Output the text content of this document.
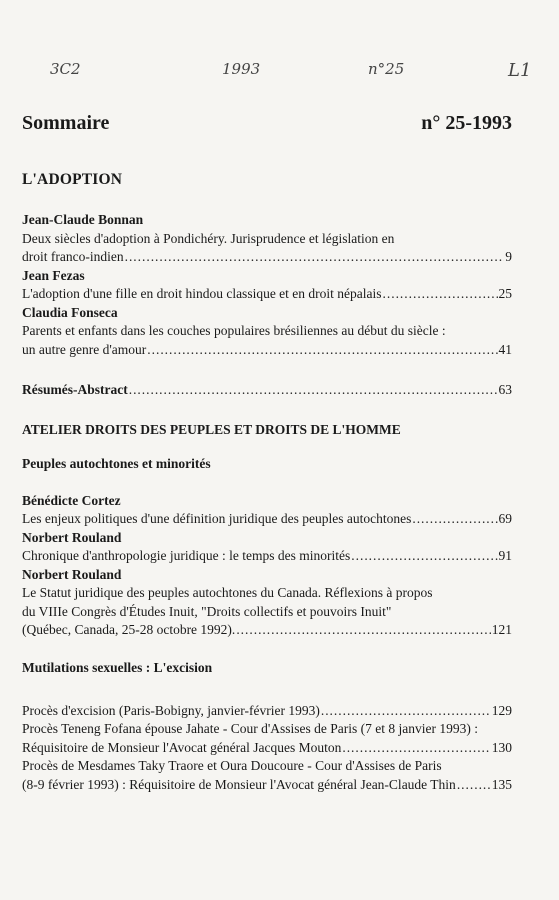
3C2	1993	n°25	L1
Sommaire	n° 25-1993
L'ADOPTION
Jean-Claude Bonnan
Deux siècles d'adoption à Pondichéry. Jurisprudence et législation en
droit franco-indien . . .	9
Jean Fezas
L'adoption d'une fille en droit hindou classique et en droit népalais . . .	25
Claudia Fonseca
Parents et enfants dans les couches populaires brésiliennes au début du siècle :
un autre genre d'amour . . .	41
Résumés-Abstract . . .	63
ATELIER DROITS DES PEUPLES ET DROITS DE L'HOMME
Peuples autochtones et minorités
Bénédicte Cortez
Les enjeux politiques d'une définition juridique des peuples autochtones . . .	69
Norbert Rouland
Chronique d'anthropologie juridique : le temps des minorités . . .	91
Norbert Rouland
Le Statut juridique des peuples autochtones du Canada. Réflexions à propos
du VIIIe Congrès d'Études Inuit, "Droits collectifs et pouvoirs Inuit"
(Québec, Canada, 25-28 octobre 1992). . . .	121
Mutilations sexuelles : L'excision
Procès d'excision (Paris-Bobigny, janvier-février 1993) . . .	129
Procès Teneng Fofana épouse Jahate - Cour d'Assises de Paris (7 et 8 janvier 1993) :
Réquisitoire de Monsieur l'Avocat général Jacques Mouton . . .	130
Procès de Mesdames Taky Traore et Oura Doucoure - Cour d'Assises de Paris
(8-9 février 1993) : Réquisitoire de Monsieur l'Avocat général Jean-Claude Thin . . .	135
